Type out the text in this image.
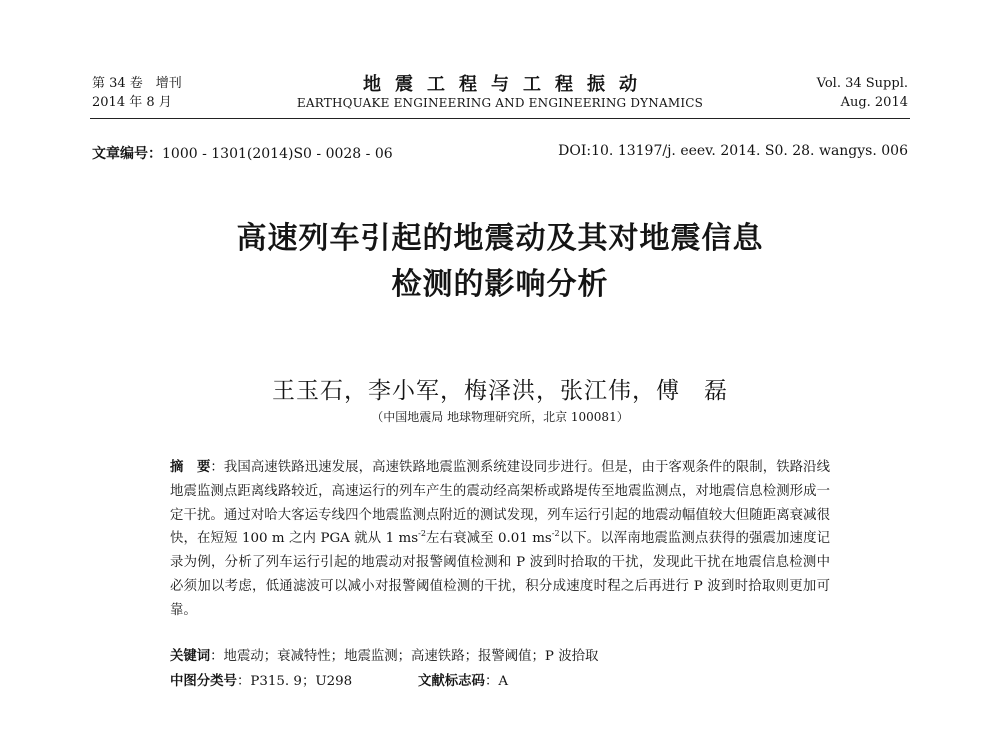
第 34 卷　增刊
2014 年 8 月
地震工程与工程振动
EARTHQUAKE ENGINEERING AND ENGINEERING DYNAMICS
Vol. 34 Suppl.
Aug. 2014
文章编号：1000 - 1301(2014)S0 - 0028 - 06	DOI:10. 13197/j. eeev. 2014. S0. 28. wangys. 006
高速列车引起的地震动及其对地震信息
检测的影响分析
王玉石，李小军，梅泽洪，张江伟，傅　磊
（中国地震局 地球物理研究所，北京 100081）
摘　要：我国高速铁路迅速发展，高速铁路地震监测系统建设同步进行。但是，由于客观条件的限制，铁路沿线地震监测点距离线路较近，高速运行的列车产生的震动经高架桥或路堤传至地震监测点，对地震信息检测形成一定干扰。通过对哈大客运专线四个地震监测点附近的测试发现，列车运行引起的地震动幅值较大但随距离衰减很快，在短短 100 m 之内 PGA 就从 1 $ms^{-2}$左右衰减至 0.01 $ms^{-2}$以下。以浑南地震监测点获得的强震加速度记录为例，分析了列车运行引起的地震动对报警阈值检测和 P 波到时拾取的干扰，发现此干扰在地震信息检测中必须加以考虑，低通滤波可以减小对报警阈值检测的干扰，积分成速度时程之后再进行 P 波到时拾取则更加可靠。
关键词：地震动；衰减特性；地震监测；高速铁路；报警阈值；P 波拾取
中图分类号：P315. 9；U298	文献标志码：A
